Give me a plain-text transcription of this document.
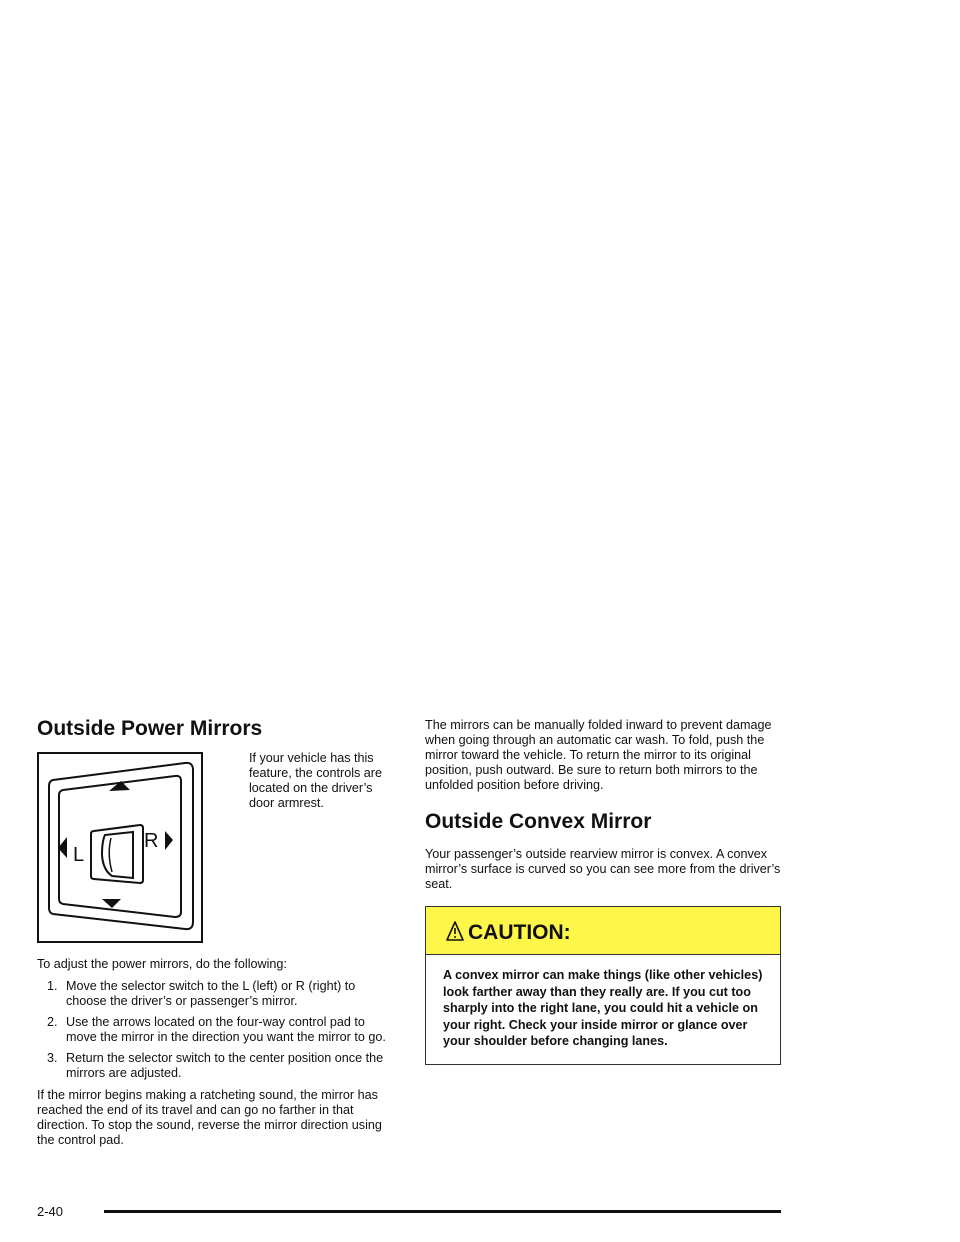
Outside Power Mirrors
L
R

If your vehicle has this feature, the controls are located on the driver’s door armrest.

To adjust the power mirrors, do the following:

1. Move the selector switch to the L (left) or R (right) to choose the driver’s or passenger’s mirror.
2. Use the arrows located on the four-way control pad to move the mirror in the direction you want the mirror to go.
3. Return the selector switch to the center position once the mirrors are adjusted.

If the mirror begins making a ratcheting sound, the mirror has reached the end of its travel and can go no farther in that direction. To stop the sound, reverse the mirror direction using the control pad.

The mirrors can be manually folded inward to prevent damage when going through an automatic car wash. To fold, push the mirror toward the vehicle. To return the mirror to its original position, push outward. Be sure to return both mirrors to the unfolded position before driving.

Outside Convex Mirror

Your passenger’s outside rearview mirror is convex. A convex mirror’s surface is curved so you can see more from the driver’s seat.

CAUTION:
A convex mirror can make things (like other vehicles) look farther away than they really are. If you cut too sharply into the right lane, you could hit a vehicle on your right. Check your inside mirror or glance over your shoulder before changing lanes.
2-40
